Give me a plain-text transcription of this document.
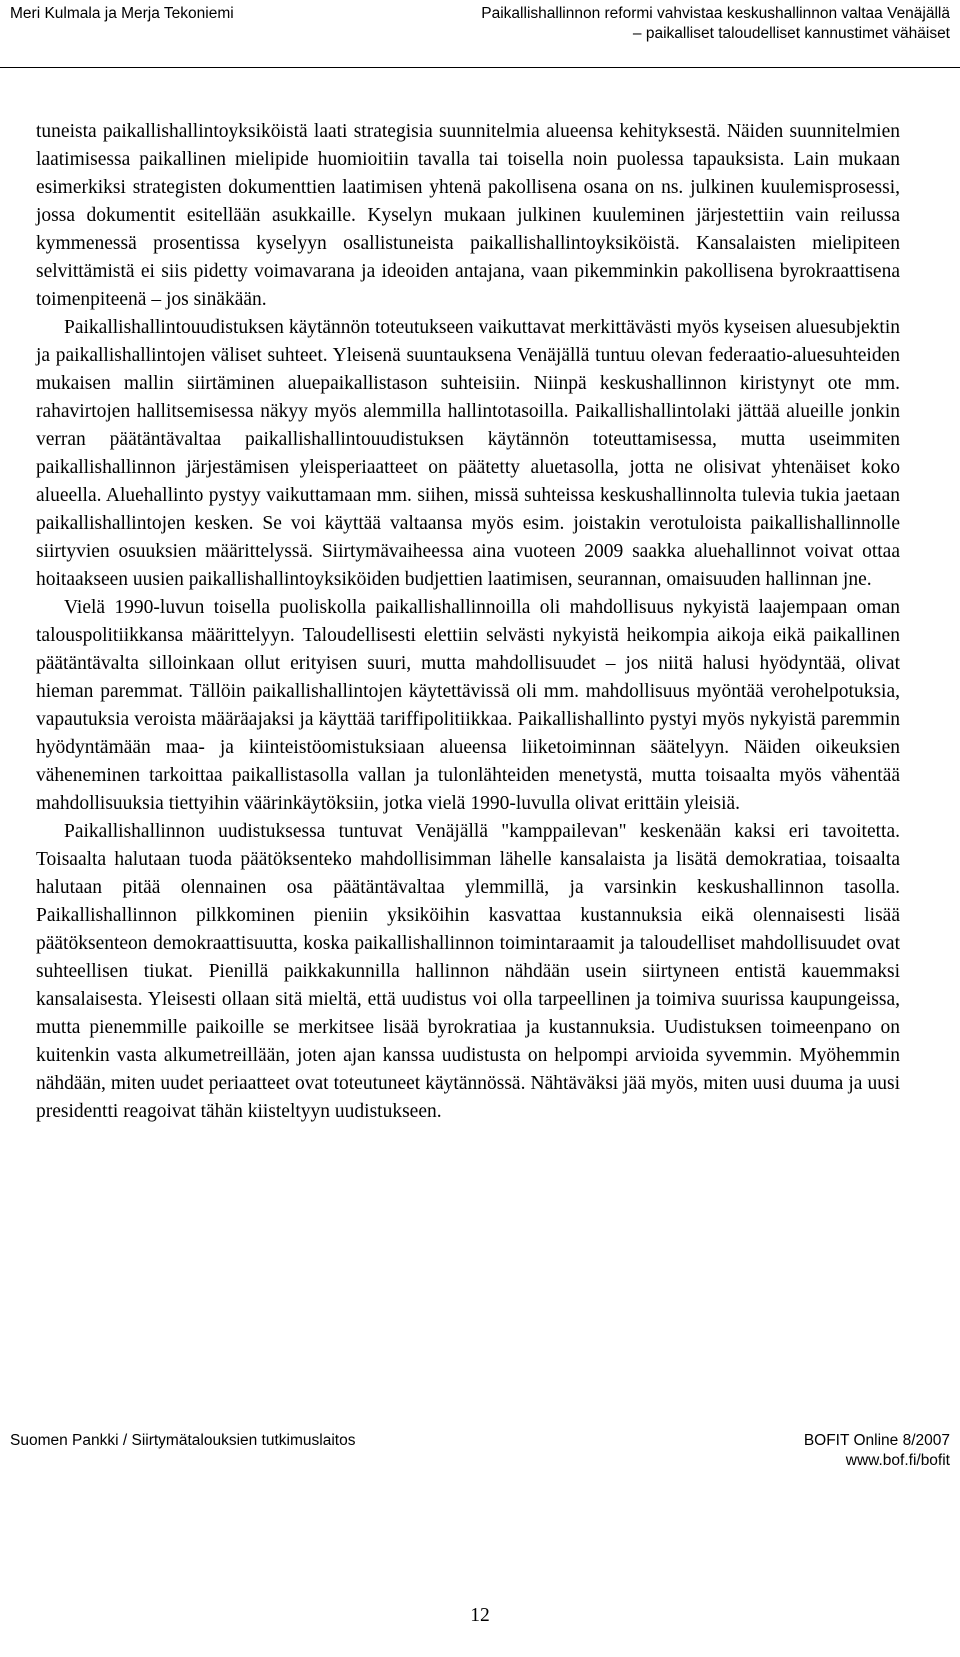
Meri Kulmala ja Merja Tekoniemi	Paikallishallinnon reformi vahvistaa keskushallinnon valtaa Venäjällä
– paikalliset taloudelliset kannustimet vähäiset

tuneista paikallishallintoyksiköistä laati strategisia suunnitelmia alueensa kehityksestä. Näiden suunnitelmien laatimisessa paikallinen mielipide huomioitiin tavalla tai toisella noin puolessa tapauksista. Lain mukaan esimerkiksi strategisten dokumenttien laatimisen yhtenä pakollisena osana on ns. julkinen kuulemisprosessi, jossa dokumentit esitellään asukkaille. Kyselyn mukaan julkinen kuuleminen järjestettiin vain reilussa kymmenessä prosentissa kyselyyn osallistuneista paikallishallintoyksiköistä. Kansalaisten mielipiteen selvittämistä ei siis pidetty voimavarana ja ideoiden antajana, vaan pikemminkin pakollisena byrokraattisena toimenpiteenä – jos sinäkään.

Paikallishallintouudistuksen käytännön toteutukseen vaikuttavat merkittävästi myös kyseisen aluesubjektin ja paikallishallintojen väliset suhteet. Yleisenä suuntauksena Venäjällä tuntuu olevan federaatio-aluesuhteiden mukaisen mallin siirtäminen aluepaikallistason suhteisiin. Niinpä keskushallinnon kiristynyt ote mm. rahavirtojen hallitsemisessa näkyy myös alemmilla hallintotasoilla. Paikallishallintolaki jättää alueille jonkin verran päätäntävaltaa paikallishallintouudistuksen käytännön toteuttamisessa, mutta useimmiten paikallishallinnon järjestämisen yleisperiaatteet on päätetty aluetasolla, jotta ne olisivat yhtenäiset koko alueella. Aluehallinto pystyy vaikuttamaan mm. siihen, missä suhteissa keskushallinnolta tulevia tukia jaetaan paikallishallintojen kesken. Se voi käyttää valtaansa myös esim. joistakin verotuloista paikallishallinnolle siirtyvien osuuksien määrittelyssä. Siirtymävaiheessa aina vuoteen 2009 saakka aluehallinnot voivat ottaa hoitaakseen uusien paikallishallintoyksiköiden budjettien laatimisen, seurannan, omaisuuden hallinnan jne.

Vielä 1990-luvun toisella puoliskolla paikallishallinnoilla oli mahdollisuus nykyistä laajempaan oman talouspolitiikkansa määrittelyyn. Taloudellisesti elettiin selvästi nykyistä heikompia aikoja eikä paikallinen päätäntävalta silloinkaan ollut erityisen suuri, mutta mahdollisuudet – jos niitä halusi hyödyntää, olivat hieman paremmat. Tällöin paikallishallintojen käytettävissä oli mm. mahdollisuus myöntää verohelpotuksia, vapautuksia veroista määräajaksi ja käyttää tariffipolitiikkaa. Paikallishallinto pystyi myös nykyistä paremmin hyödyntämään maa- ja kiinteistöomistuksiaan alueensa liiketoiminnan säätelyyn. Näiden oikeuksien väheneminen tarkoittaa paikallistasolla vallan ja tulonlähteiden menetystä, mutta toisaalta myös vähentää mahdollisuuksia tiettyihin väärinkäytöksiin, jotka vielä 1990-luvulla olivat erittäin yleisiä.

Paikallishallinnon uudistuksessa tuntuvat Venäjällä "kamppailevan" keskenään kaksi eri tavoitetta. Toisaalta halutaan tuoda päätöksenteko mahdollisimman lähelle kansalaista ja lisätä demokratiaa, toisaalta halutaan pitää olennainen osa päätäntävaltaa ylemmillä, ja varsinkin keskushallinnon tasolla. Paikallishallinnon pilkkominen pieniin yksiköihin kasvattaa kustannuksia eikä olennaisesti lisää päätöksenteon demokraattisuutta, koska paikallishallinnon toimintaraamit ja taloudelliset mahdollisuudet ovat suhteellisen tiukat. Pienillä paikkakunnilla hallinnon nähdään usein siirtyneen entistä kauemmaksi kansalaisesta. Yleisesti ollaan sitä mieltä, että uudistus voi olla tarpeellinen ja toimiva suurissa kaupungeissa, mutta pienemmille paikoille se merkitsee lisää byrokratiaa ja kustannuksia. Uudistuksen toimeenpano on kuitenkin vasta alkumetreillään, joten ajan kanssa uudistusta on helpompi arvioida syvemmin. Myöhemmin nähdään, miten uudet periaatteet ovat toteutuneet käytännössä. Nähtäväksi jää myös, miten uusi duuma ja uusi presidentti reagoivat tähän kiisteltyyn uudistukseen.

Suomen Pankki / Siirtymätalouksien tutkimuslaitos	BOFIT Online 8/2007
www.bof.fi/bofit
12
